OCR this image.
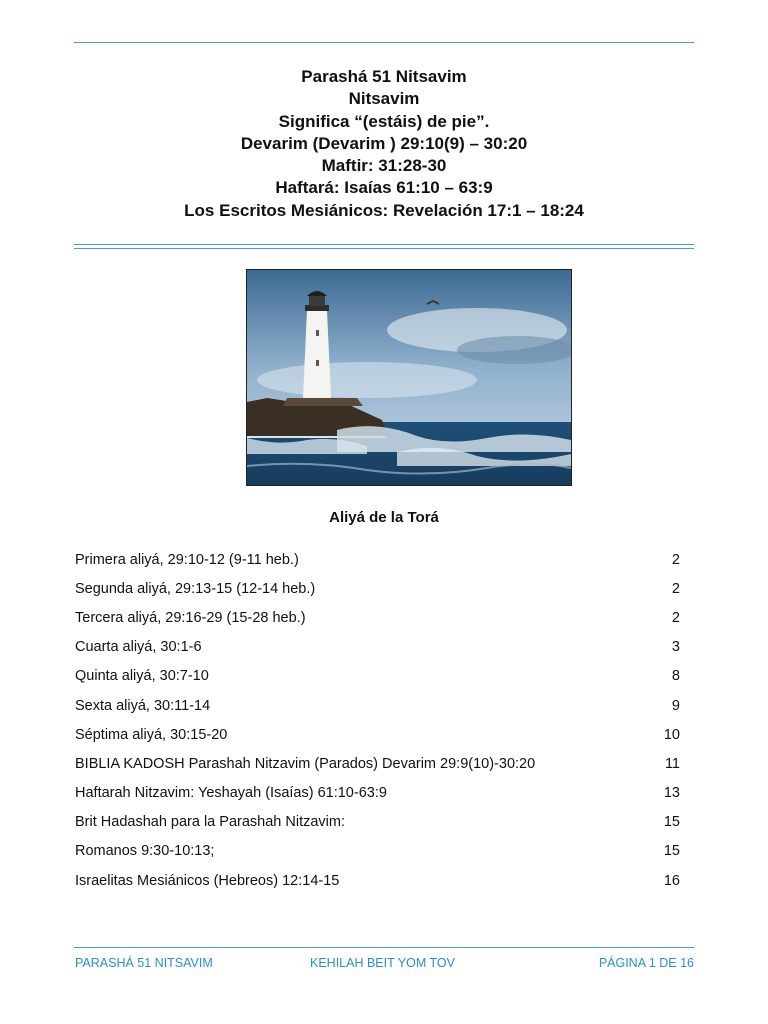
Parashá 51 Nitsavim
Nitsavim
Significa “(estáis) de pie”.
Devarim (Devarim ) 29:10(9) – 30:20
Maftir: 31:28-30
Haftará: Isaías 61:10 – 63:9
Los Escritos Mesiánicos: Revelación 17:1 – 18:24
Aliyá de la Torá
Primera aliyá, 29:10-12 (9-11 heb.)	2
Segunda aliyá, 29:13-15 (12-14 heb.)	2
Tercera aliyá, 29:16-29 (15-28 heb.)	2
Cuarta aliyá, 30:1-6	3
Quinta aliyá, 30:7-10	8
Sexta aliyá, 30:11-14	9
Séptima aliyá, 30:15-20	10
BIBLIA KADOSH Parashah Nitzavim (Parados) Devarim 29:9(10)-30:20	11
Haftarah Nitzavim: Yeshayah (Isaías) 61:10-63:9	13
Brit Hadashah para la Parashah Nitzavim:	15
Romanos 9:30-10:13;	15
Israelitas Mesiánicos (Hebreos) 12:14-15	16
PARASHÁ 51 NITSAVIM	KEHILAH BEIT YOM TOV	PÁGINA 1 DE 16
